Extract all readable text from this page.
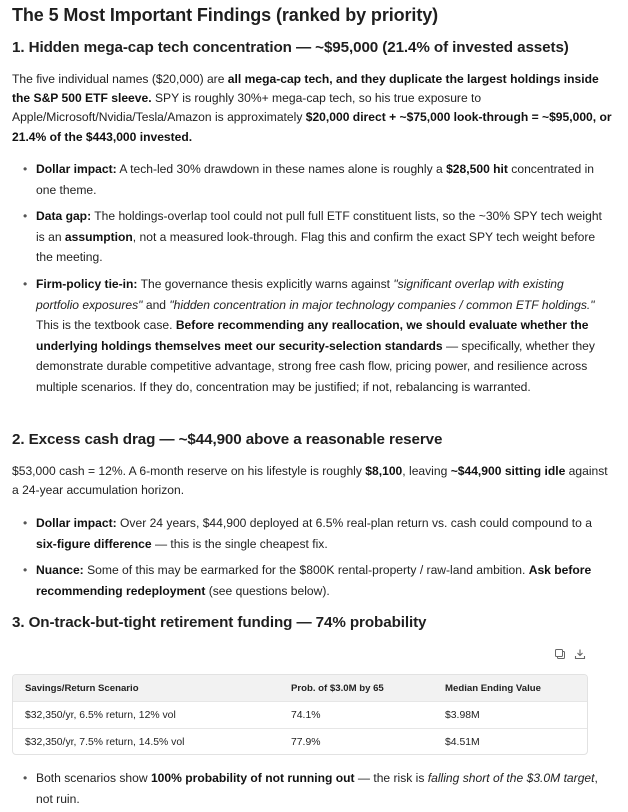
The 5 Most Important Findings (ranked by priority)
1. Hidden mega-cap tech concentration — ~$95,000 (21.4% of invested assets)

The five individual names ($20,000) are all mega-cap tech, and they duplicate the largest holdings inside the S&P 500 ETF sleeve. SPY is roughly 30%+ mega-cap tech, so his true exposure to Apple/Microsoft/Nvidia/Tesla/Amazon is approximately $20,000 direct + ~$75,000 look-through = ~$95,000, or 21.4% of the $443,000 invested.

• Dollar impact: A tech-led 30% drawdown in these names alone is roughly a $28,500 hit concentrated in one theme.
• Data gap: The holdings-overlap tool could not pull full ETF constituent lists, so the ~30% SPY tech weight is an assumption, not a measured look-through. Flag this and confirm the exact SPY tech weight before the meeting.
• Firm-policy tie-in: The governance thesis explicitly warns against "significant overlap with existing portfolio exposures" and "hidden concentration in major technology companies / common ETF holdings." This is the textbook case. Before recommending any reallocation, we should evaluate whether the underlying holdings themselves meet our security-selection standards — specifically, whether they demonstrate durable competitive advantage, strong free cash flow, pricing power, and resilience across multiple scenarios. If they do, concentration may be justified; if not, rebalancing is warranted.
2. Excess cash drag — ~$44,900 above a reasonable reserve

$53,000 cash = 12%. A 6-month reserve on his lifestyle is roughly $8,100, leaving ~$44,900 sitting idle against a 24-year accumulation horizon.

• Dollar impact: Over 24 years, $44,900 deployed at 6.5% real-plan return vs. cash could compound to a six-figure difference — this is the single cheapest fix.
• Nuance: Some of this may be earmarked for the $800K rental-property / raw-land ambition. Ask before recommending redeployment (see questions below).
3. On-track-but-tight retirement funding — 74% probability
Savings/Return Scenario	Prob. of $3.0M by 65	Median Ending Value
$32,350/yr, 6.5% return, 12% vol	74.1%	$3.98M
$32,350/yr, 7.5% return, 14.5% vol	77.9%	$4.51M
• Both scenarios show 100% probability of not running out — the risk is falling short of the $3.0M target, not ruin.
